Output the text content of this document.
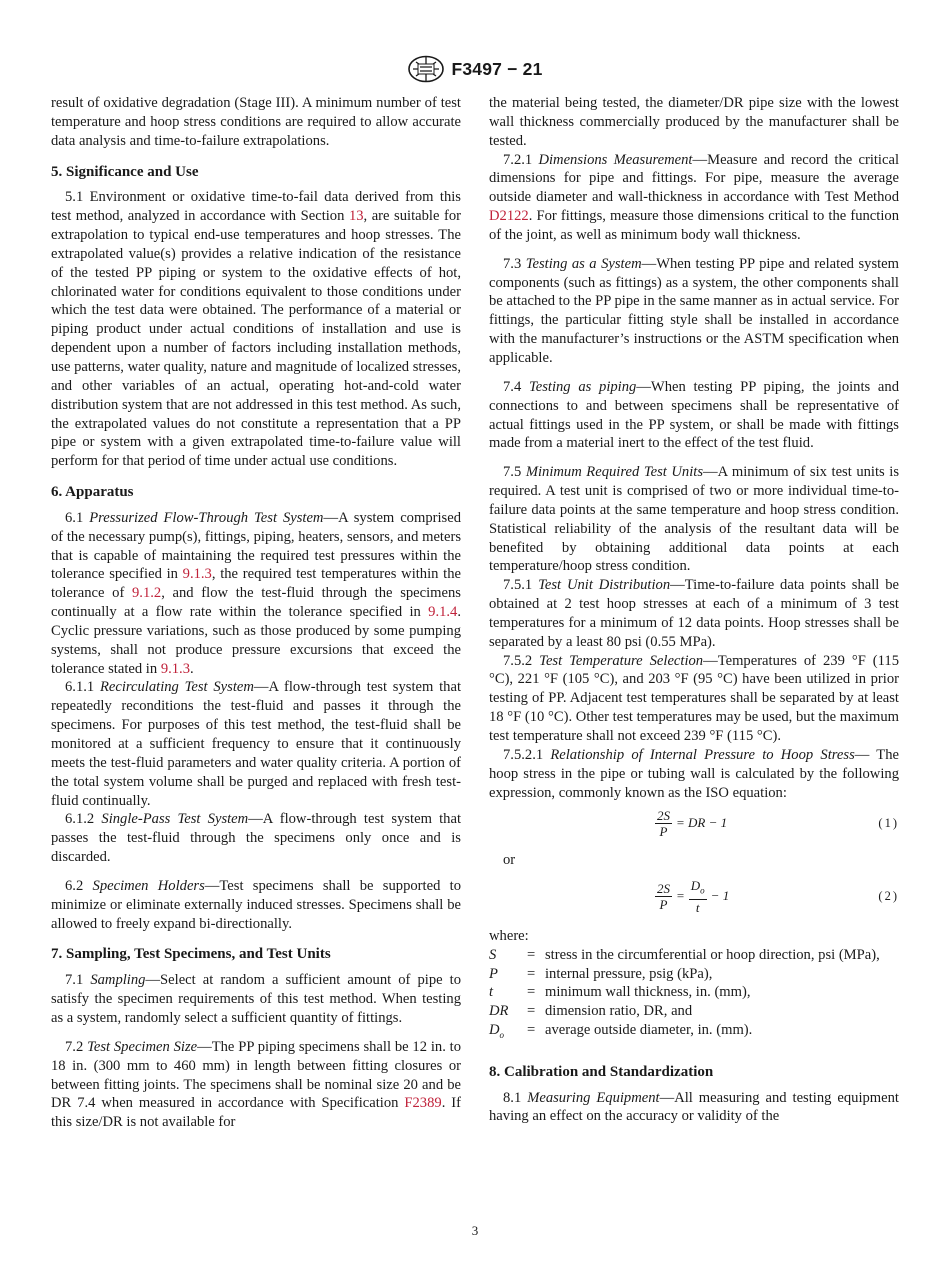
F3497 − 21

result of oxidative degradation (Stage III). A minimum number of test temperature and hoop stress conditions are required to allow accurate data analysis and time-to-failure extrapolations.

5. Significance and Use

5.1 Environment or oxidative time-to-fail data derived from this test method, analyzed in accordance with Section 13, are suitable for extrapolation to typical end-use temperatures and hoop stresses. The extrapolated value(s) provides a relative indication of the resistance of the tested PP piping or system to the oxidative effects of hot, chlorinated water for conditions equivalent to those conditions under which the test data were obtained. The performance of a material or piping product under actual conditions of installation and use is dependent upon a number of factors including installation methods, use patterns, water quality, nature and magnitude of localized stresses, and other variables of an actual, operating hot-and-cold water distribution system that are not addressed in this test method. As such, the extrapolated values do not constitute a representation that a PP pipe or system with a given extrapolated time-to-failure value will perform for that period of time under actual use conditions.

6. Apparatus

6.1 Pressurized Flow-Through Test System—A system comprised of the necessary pump(s), fittings, piping, heaters, sensors, and meters that is capable of maintaining the required test pressures within the tolerance specified in 9.1.3, the required test temperatures within the tolerance of 9.1.2, and flow the test-fluid through the specimens continually at a flow rate within the tolerance specified in 9.1.4. Cyclic pressure variations, such as those produced by some pumping systems, shall not produce pressure excursions that exceed the tolerance stated in 9.1.3.

6.1.1 Recirculating Test System—A flow-through test system that repeatedly reconditions the test-fluid and passes it through the specimens. For purposes of this test method, the test-fluid shall be monitored at a sufficient frequency to ensure that it continuously meets the test-fluid parameters and water quality criteria. A portion of the total system volume shall be purged and replaced with fresh test-fluid continually.

6.1.2 Single-Pass Test System—A flow-through test system that passes the test-fluid through the specimens only once and is discarded.

6.2 Specimen Holders—Test specimens shall be supported to minimize or eliminate externally induced stresses. Specimens shall be allowed to freely expand bi-directionally.

7. Sampling, Test Specimens, and Test Units

7.1 Sampling—Select at random a sufficient amount of pipe to satisfy the specimen requirements of this test method. When testing as a system, randomly select a sufficient quantity of fittings.

7.2 Test Specimen Size—The PP piping specimens shall be 12 in. to 18 in. (300 mm to 460 mm) in length between fitting closures or between fitting joints. The specimens shall be nominal size 20 and be DR 7.4 when measured in accordance with Specification F2389. If this size/DR is not available for

the material being tested, the diameter/DR pipe size with the lowest wall thickness commercially produced by the manufacturer shall be tested.

7.2.1 Dimensions Measurement—Measure and record the critical dimensions for pipe and fittings. For pipe, measure the average outside diameter and wall-thickness in accordance with Test Method D2122. For fittings, measure those dimensions critical to the function of the joint, as well as minimum body wall thickness.

7.3 Testing as a System—When testing PP pipe and related system components (such as fittings) as a system, the other components shall be attached to the PP pipe in the same manner as in actual service. For fittings, the particular fitting style shall be installed in accordance with the manufacturer’s instructions or the ASTM specification when applicable.

7.4 Testing as piping—When testing PP piping, the joints and connections to and between specimens shall be representative of actual fittings used in the PP system, or shall be made with fittings made from a material inert to the effect of the test fluid.

7.5 Minimum Required Test Units—A minimum of six test units is required. A test unit is comprised of two or more individual time-to-failure data points at the same temperature and hoop stress condition. Statistical reliability of the analysis of the resultant data will be benefited by obtaining additional data points at each temperature/hoop stress condition.

7.5.1 Test Unit Distribution—Time-to-failure data points shall be obtained at 2 test hoop stresses at each of a minimum of 3 test temperatures for a minimum of 12 data points. Hoop stresses shall be separated by a least 80 psi (0.55 MPa).

7.5.2 Test Temperature Selection—Temperatures of 239 °F (115 °C), 221 °F (105 °C), and 203 °F (95 °C) have been utilized in prior testing of PP. Adjacent test temperatures shall be separated by at least 18 °F (10 °C). Other test temperatures may be used, but the maximum test temperature shall not exceed 239 °F (115 °C).

7.5.2.1 Relationship of Internal Pressure to Hoop Stress— The hoop stress in the pipe or tubing wall is calculated by the following expression, commonly known as the ISO equation:

$\frac{2S}{P}$ = DR − 1	(1)

or

$\frac{2S}{P} = \frac{D_o}{t} - 1$	(2)

where:

S	= stress in the circumferential or hoop direction, psi (MPa),
P	= internal pressure, psig (kPa),
t	= minimum wall thickness, in. (mm),
DR	= dimension ratio, DR, and
$D_o$	= average outside diameter, in. (mm).
8. Calibration and Standardization

8.1 Measuring Equipment—All measuring and testing equipment having an effect on the accuracy or validity of the

3
